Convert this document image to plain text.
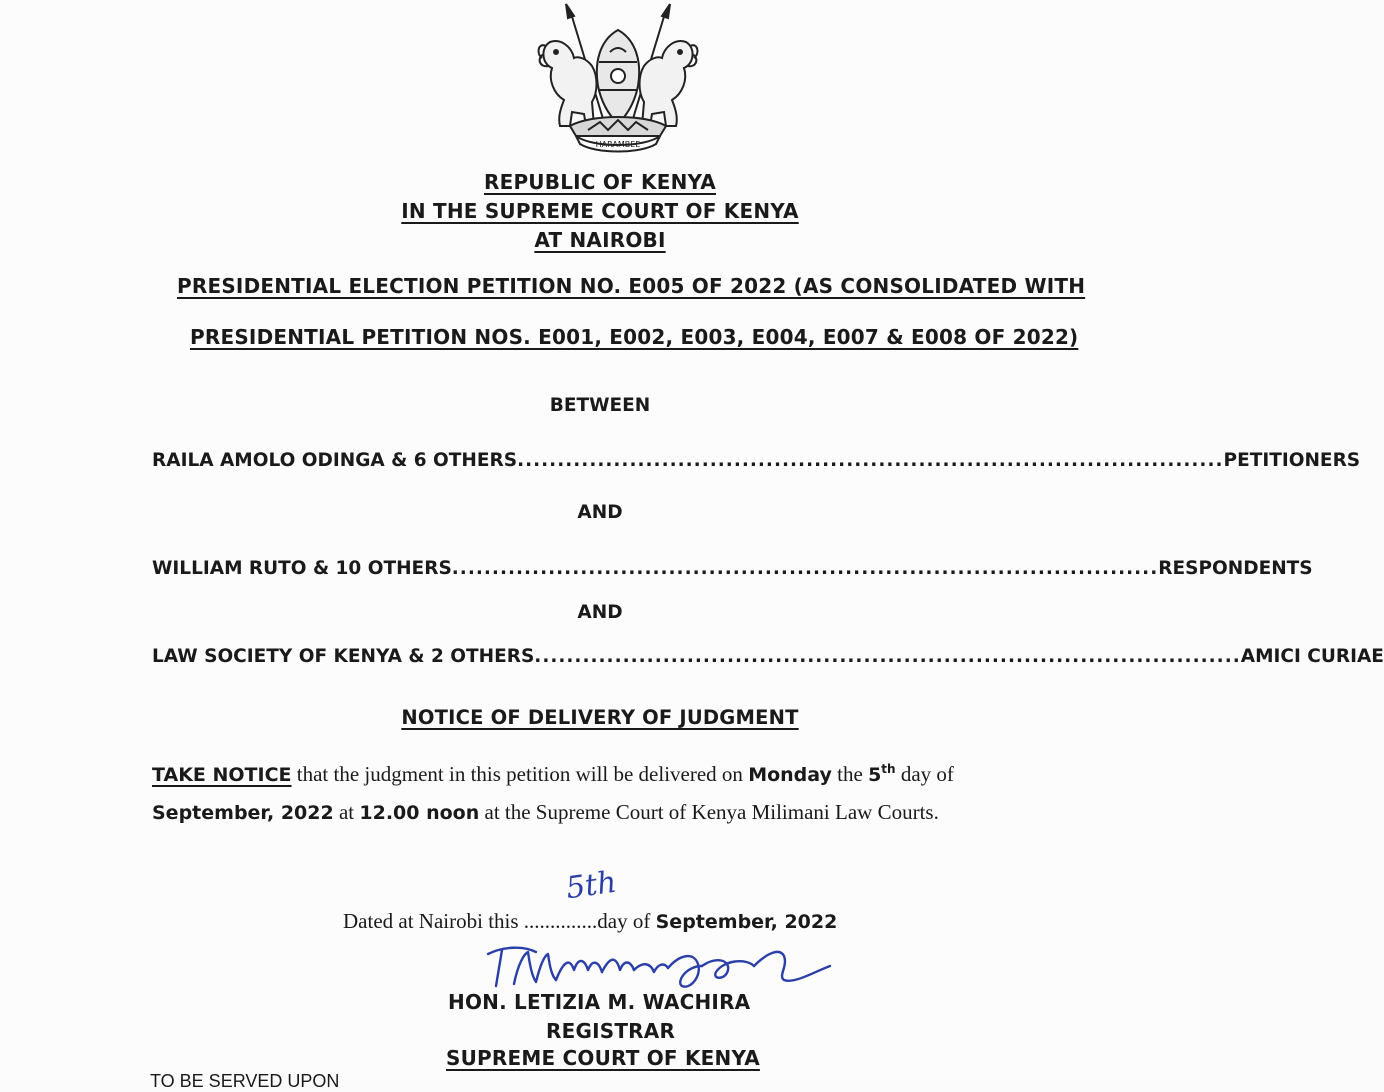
HARAMBEE
REPUBLIC OF KENYA
IN THE SUPREME COURT OF KENYA
AT NAIROBI
PRESIDENTIAL ELECTION PETITION NO. E005 OF 2022 (AS CONSOLIDATED WITH
PRESIDENTIAL PETITION NOS. E001, E002, E003, E004, E007 & E008 OF 2022)
BETWEEN
RAILA AMOLO ODINGA & 6 OTHERS ........................................................................................ PETITIONERS
AND
WILLIAM RUTO & 10 OTHERS ........................................................................................ RESPONDENTS
AND
LAW SOCIETY OF KENYA & 2 OTHERS ........................................................................................ AMICI CURIAE
NOTICE OF DELIVERY OF JUDGMENT
TAKE NOTICE that the judgment in this petition will be delivered on Monday the 5th day of
September, 2022 at 12.00 noon at the Supreme Court of Kenya Milimani Law Courts.
5th
Dated at Nairobi this ..............day of September, 2022
HON. LETIZIA M. WACHIRA
REGISTRAR
SUPREME COURT OF KENYA
TO BE SERVED UPON
